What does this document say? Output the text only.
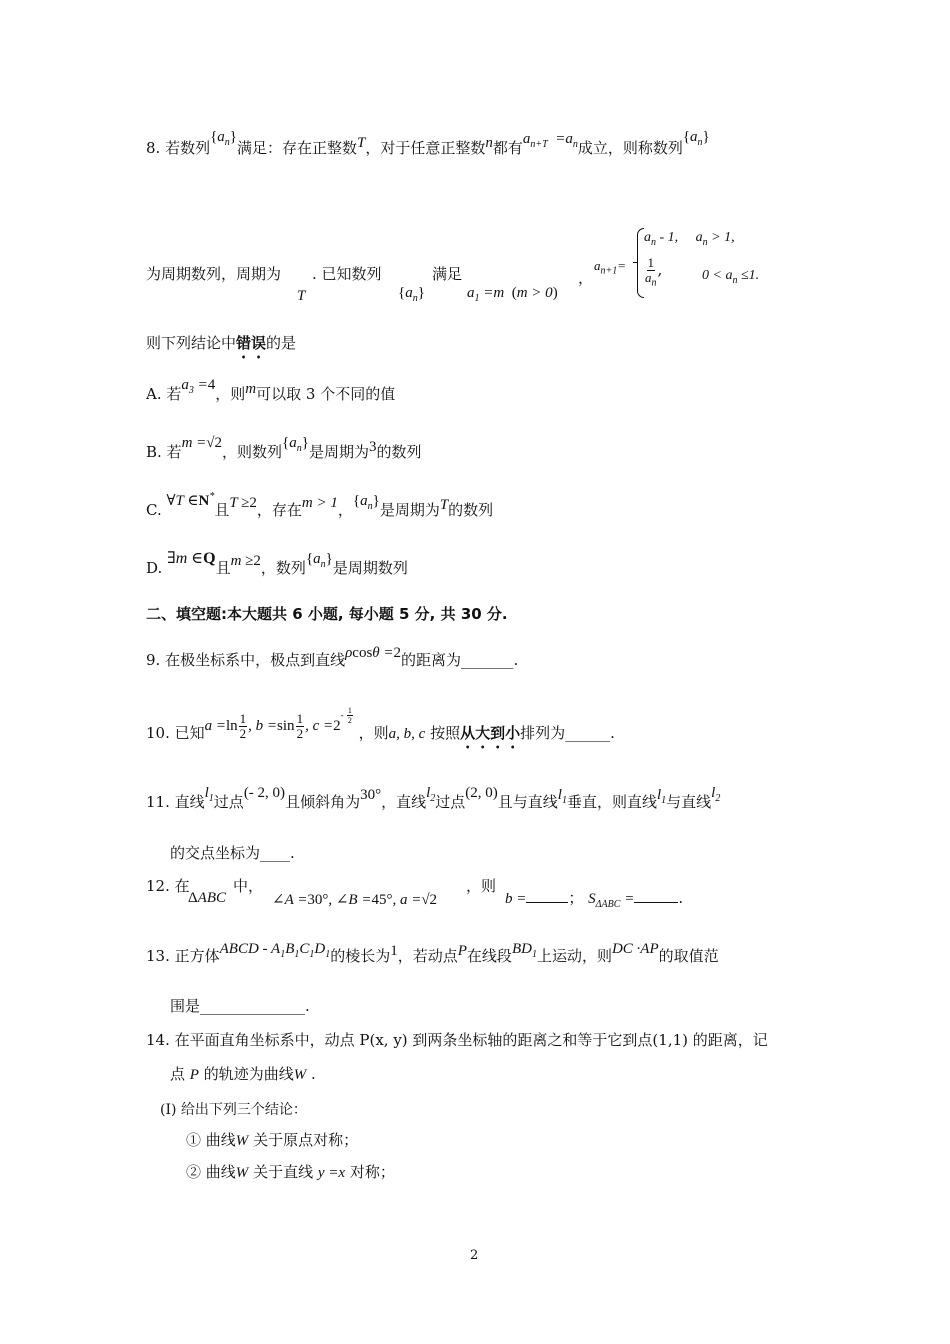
8. 若数列$\{a_n\}$满足：存在正整数T，对于任意正整数n都有$a_{n+T} =a_n$成立，则称数列$\{a_n\}$
为周期数列，周期为
T
. 已知数列
$\{a_n\}$
满足
$a_1 =m$  (m > 0)
，
$a_{n+1}=$
$a_n - 1$,     $a_n > 1$,
$\frac{1}{a_n}$ ,	$0 < a_n \le 1$.
则下列结论中错误的是
A. 若$a_3 =4$，则m可以取 3 个不同的值
B. 若m =√2，则数列$\{a_n\}$是周期为3的数列
C. ∀T ∈N*且T ≥2，存在m > 1，$\{a_n\}$是周期为T的数列
D. ∃m ∈Q且m ≥2，数列$\{a_n\}$是周期数列
二、填空题:本大题共 6 小题, 每小题 5 分, 共 30 分.
9. 在极坐标系中，极点到直线ρcosθ =2的距离为_______.
10. 已知$a =\ln \frac{1}{2}$ , $b =\sin \frac{1}{2}$ , $c =2^{- \frac{1}{2}}$
，则a, b, c 按照从大到小排列为______.
11. 直线$l_1$过点(- 2, 0)且倾斜角为30°，直线$l_2$过点(2, 0)且与直线$l_1$垂直，则直线$l_1$与直线$l_2$
的交点坐标为____.
12. 在
ΔABC
中，
∠A =30°, ∠B =45°, a =√2
，则
b =	； $S_{\Delta ABC}$ =	.
13. 正方体ABCD - $A_1B_1C_1D_1$的棱长为1，若动点P在线段$BD_1$上运动，则DC ·AP的取值范
围是______________.
14. 在平面直角坐标系中，动点 P(x, y) 到两条坐标轴的距离之和等于它到点(1,1) 的距离，记
点 P 的轨迹为曲线W .
(I) 给出下列三个结论：
① 曲线W 关于原点对称；
② 曲线W 关于直线 y =x 对称；
2
